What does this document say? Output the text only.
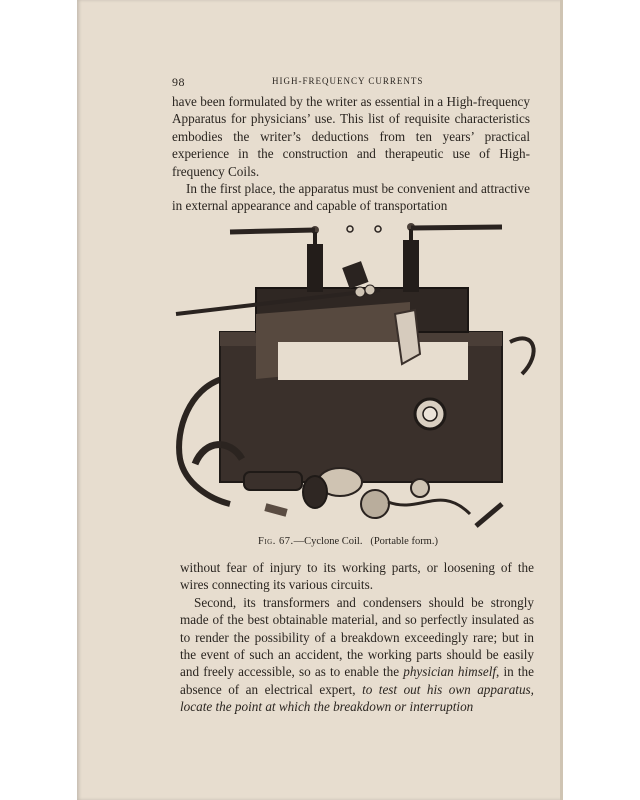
98	HIGH-FREQUENCY CURRENTS

have been formulated by the writer as essential in a High-frequency Apparatus for physicians’ use. This list of requisite characteristics embodies the writer’s deductions from ten years’ practical experience in the construction and therapeutic use of High-frequency Coils.

In the first place, the apparatus must be convenient and attractive in external appearance and capable of transportation

Fig. 67.—Cyclone Coil. (Portable form.)

without fear of injury to its working parts, or loosening of the wires connecting its various circuits.

Second, its transformers and condensers should be strongly made of the best obtainable material, and so perfectly insulated as to render the possibility of a breakdown exceedingly rare; but in the event of such an accident, the working parts should be easily and freely accessible, so as to enable the physician himself, in the absence of an electrical expert, to test out his own apparatus, locate the point at which the breakdown or interruption
